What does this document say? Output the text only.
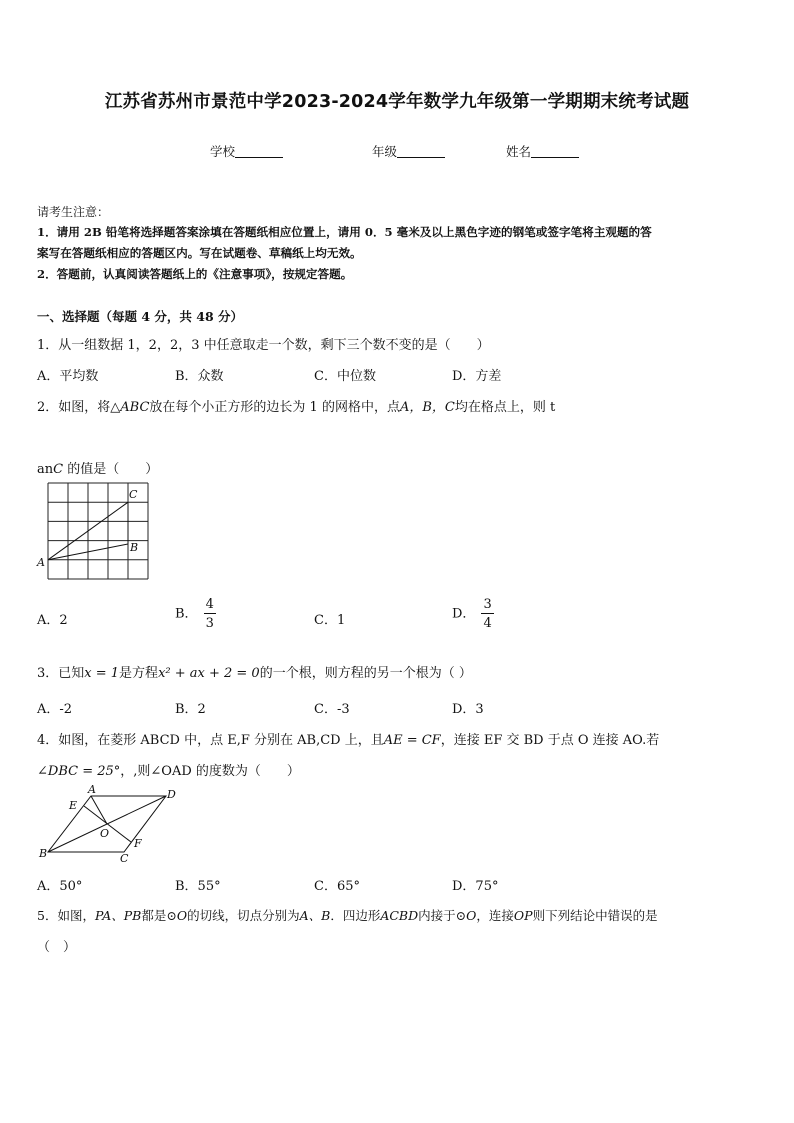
江苏省苏州市景范中学2023-2024学年数学九年级第一学期期末统考试题
学校	年级	姓名
请考生注意：
1．请用 2B 铅笔将选择题答案涂填在答题纸相应位置上，请用 0．5 毫米及以上黑色字迹的钢笔或签字笔将主观题的答
案写在答题纸相应的答题区内。写在试题卷、草稿纸上均无效。
2．答题前，认真阅读答题纸上的《注意事项》，按规定答题。
一、选择题（每题 4 分，共 48 分）
1．从一组数据 1，2，2，3 中任意取走一个数，剩下三个数不变的是（　　）
A．平均数	B．众数	C．中位数	D．方差
2．如图，将△ABC放在每个小正方形的边长为 1 的网格中，点A，B，C均在格点上，则 t
anC 的值是（　　）
A
B
C
A．2	B． $\frac{4}{3}$	C．1	D． $\frac{3}{4}$
3．已知x = 1是方程x² + ax + 2 = 0的一个根，则方程的另一个根为（ ）
A．-2	B．2	C．-3	D．3
4．如图，在菱形 ABCD 中，点 E,F 分别在 AB,CD 上，且AE = CF，连接 EF 交 BD 于点 O 连接 AO.若
∠DBC = 25°，,则∠OAD 的度数为（　　）
A
B	C
D
E
F
O
A．50°	B．55°	C．65°	D．75°
5．如图，PA、PB都是⊙O的切线，切点分别为A、B．四边形ACBD内接于⊙O，连接OP则下列结论中错误的是
（　）
